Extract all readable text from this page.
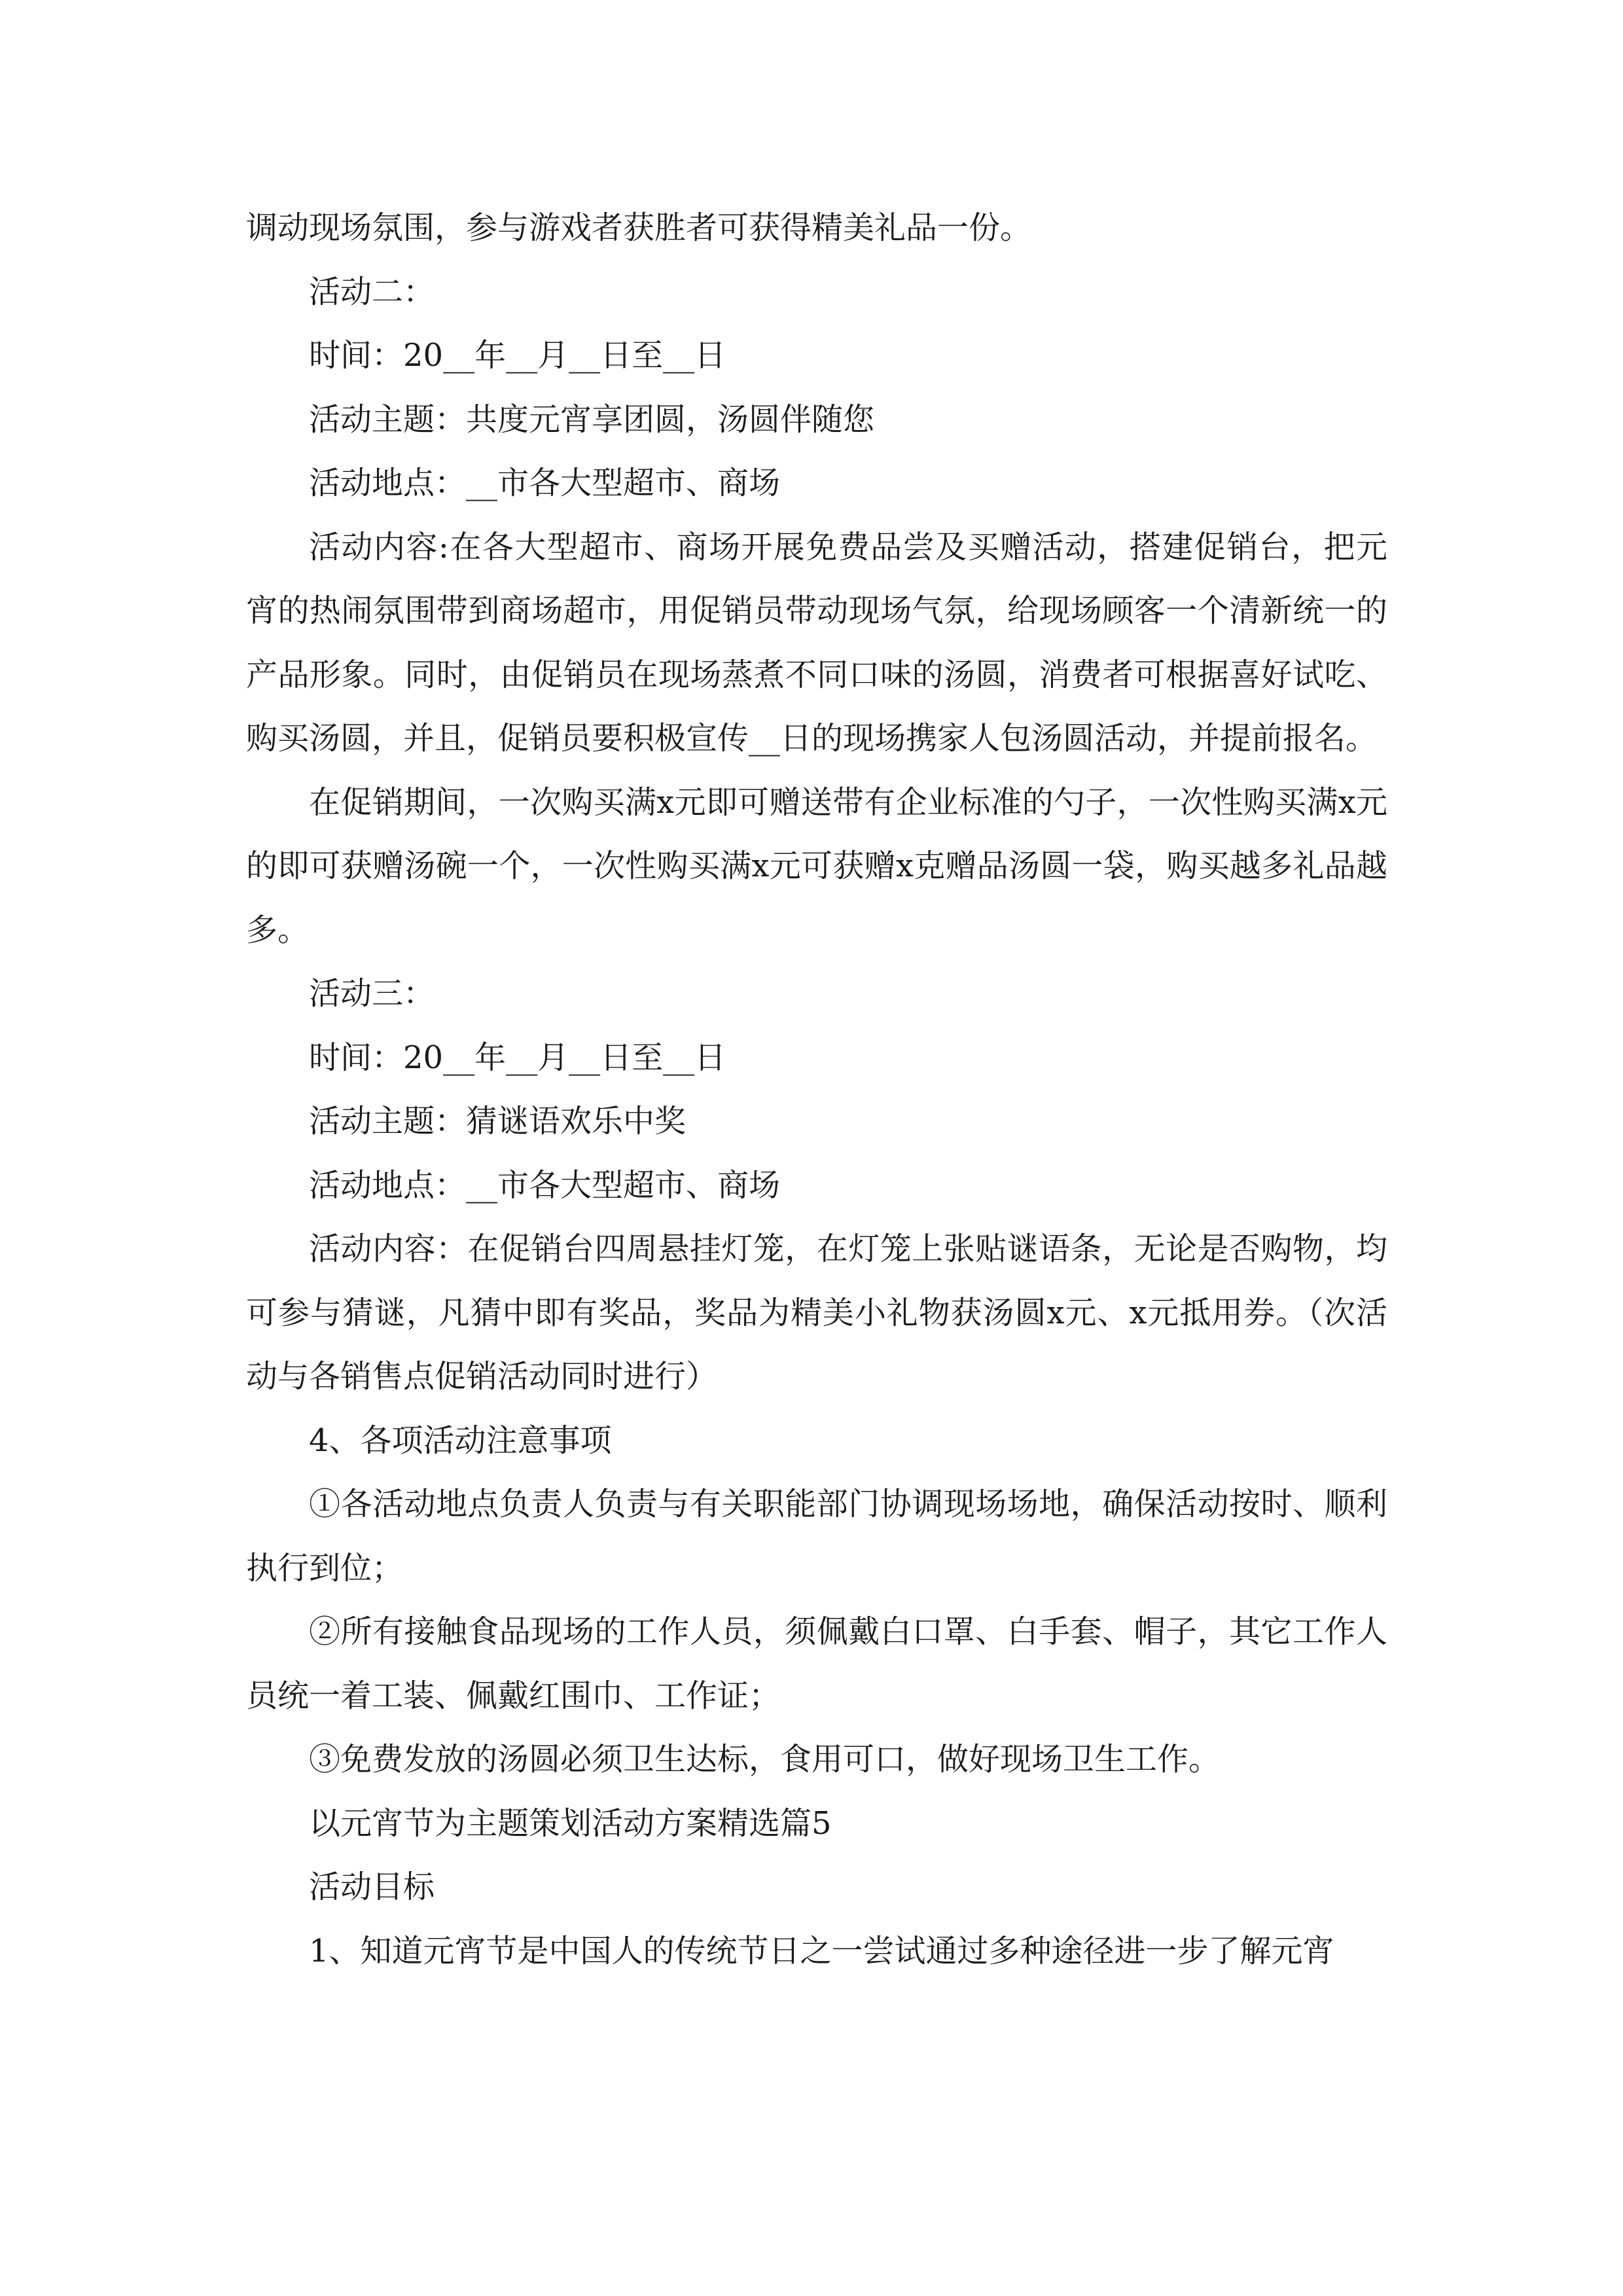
调动现场氛围，参与游戏者获胜者可获得精美礼品一份。

活动二：

时间：20__年__月__日至__日

活动主题：共度元宵享团圆，汤圆伴随您

活动地点：__市各大型超市、商场

活动内容:在各大型超市、商场开展免费品尝及买赠活动，搭建促销台，把元宵的热闹氛围带到商场超市，用促销员带动现场气氛，给现场顾客一个清新统一的产品形象。同时，由促销员在现场蒸煮不同口味的汤圆，消费者可根据喜好试吃、购买汤圆，并且，促销员要积极宣传__日的现场携家人包汤圆活动，并提前报名。

在促销期间，一次购买满x元即可赠送带有企业标准的勺子，一次性购买满x元的即可获赠汤碗一个，一次性购买满x元可获赠x克赠品汤圆一袋，购买越多礼品越多。

活动三：

时间：20__年__月__日至__日

活动主题：猜谜语欢乐中奖

活动地点：__市各大型超市、商场

活动内容：在促销台四周悬挂灯笼，在灯笼上张贴谜语条，无论是否购物，均可参与猜谜，凡猜中即有奖品，奖品为精美小礼物获汤圆x元、x元抵用券。（次活动与各销售点促销活动同时进行）

4、各项活动注意事项

①各活动地点负责人负责与有关职能部门协调现场场地，确保活动按时、顺利执行到位；

②所有接触食品现场的工作人员，须佩戴白口罩、白手套、帽子，其它工作人员统一着工装、佩戴红围巾、工作证；

③免费发放的汤圆必须卫生达标，食用可口，做好现场卫生工作。

以元宵节为主题策划活动方案精选篇5

活动目标

1、知道元宵节是中国人的传统节日之一尝试通过多种途径进一步了解元宵
